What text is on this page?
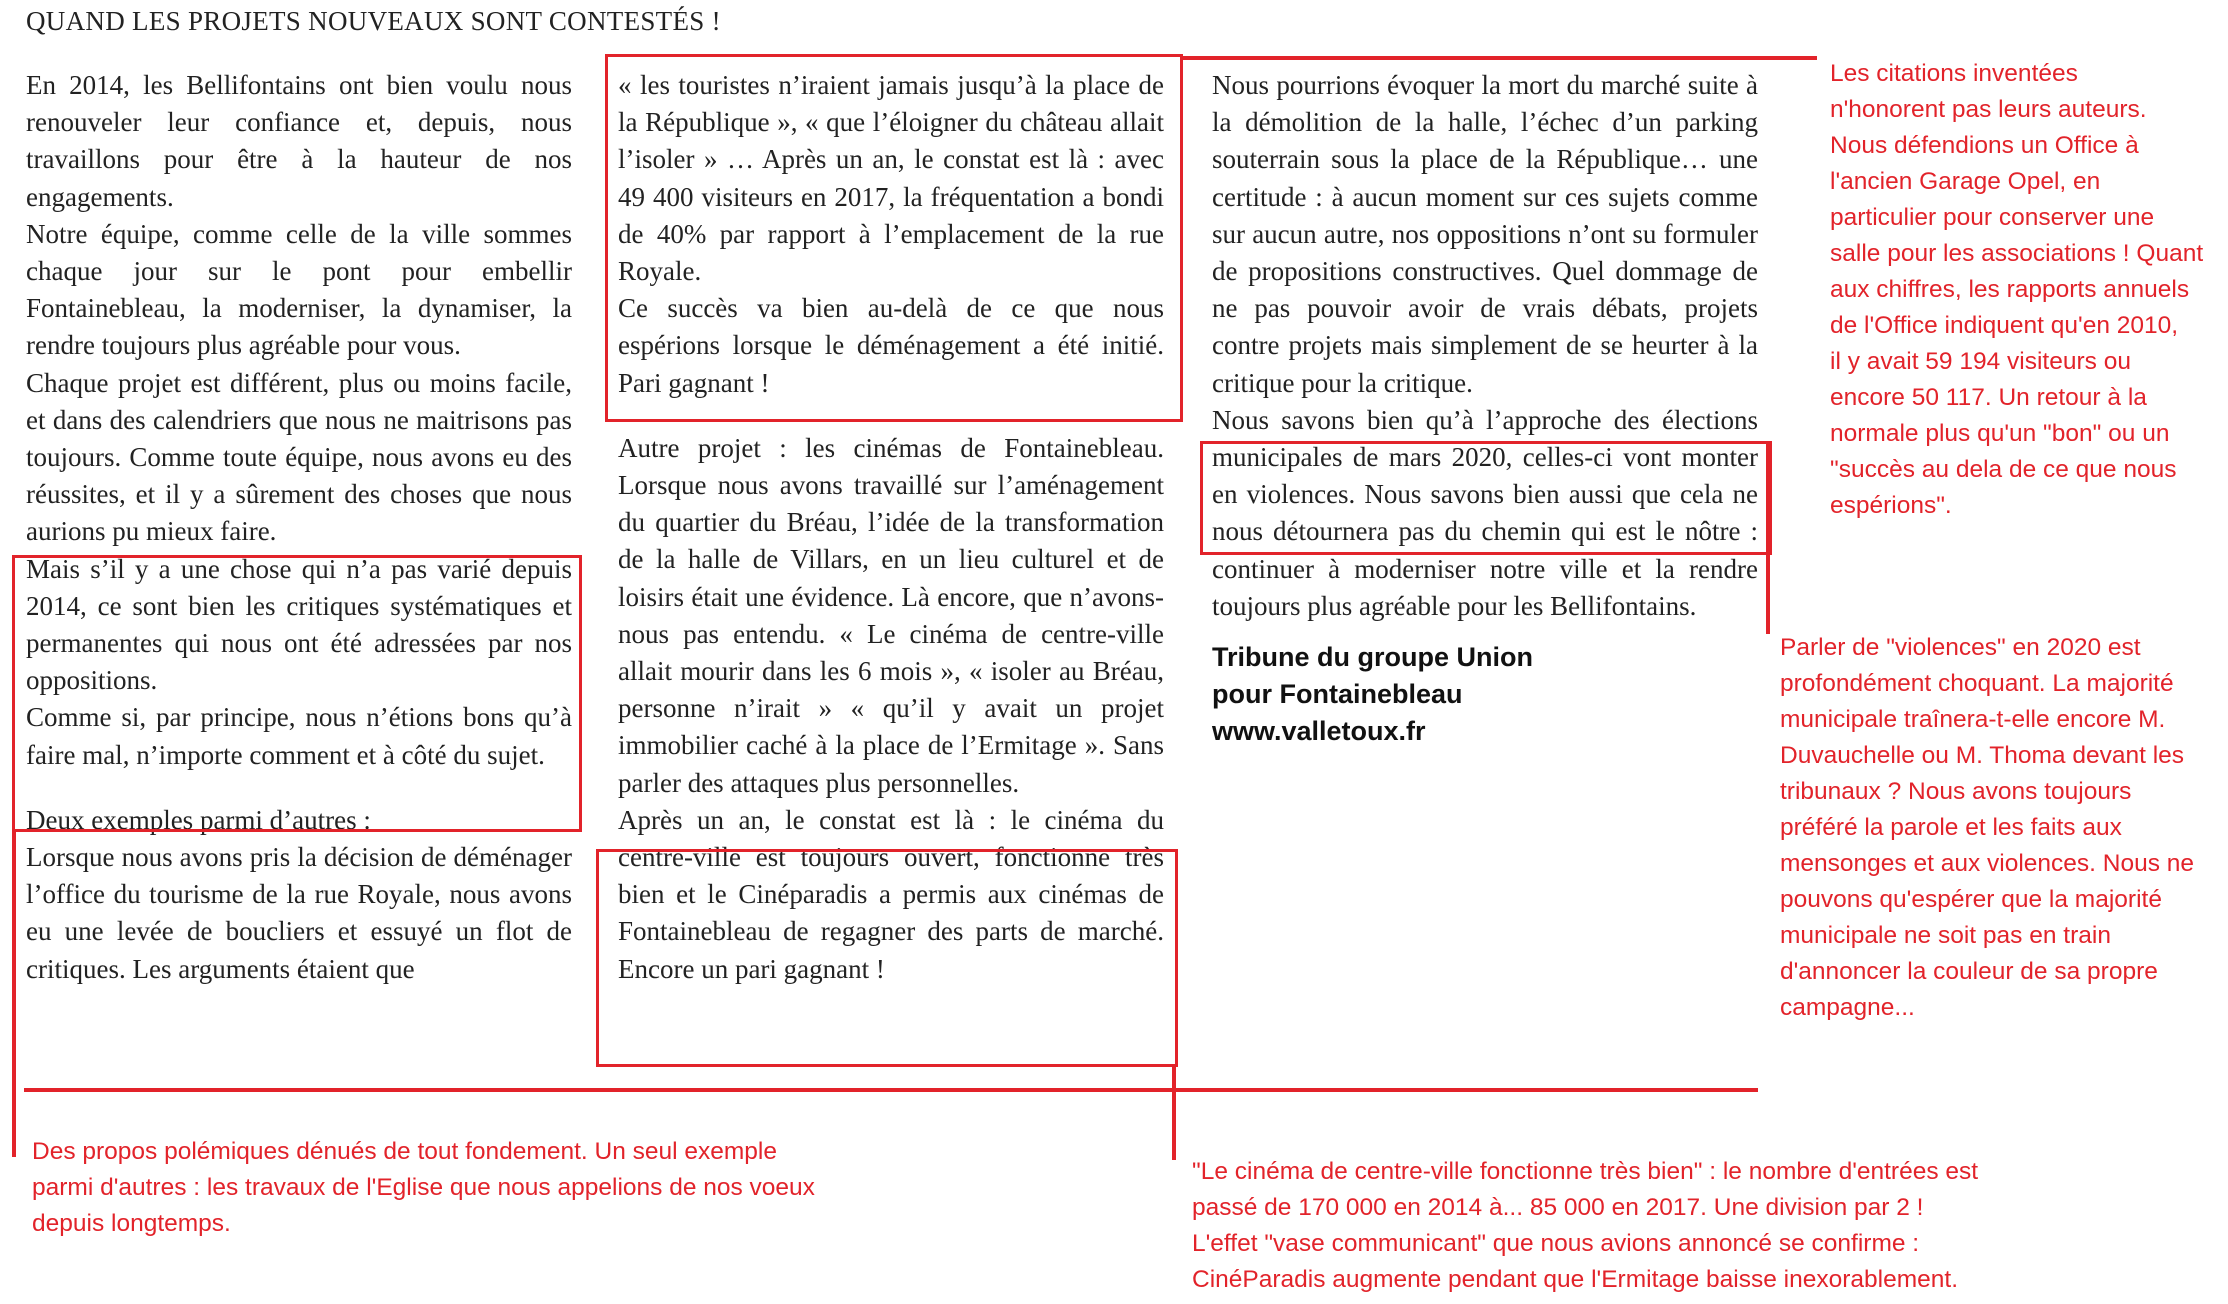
QUAND LES PROJETS NOUVEAUX SONT CONTESTÉS !

En 2014, les Bellifontains ont bien voulu nous renouveler leur confiance et, depuis, nous travaillons pour être à la hauteur de nos engagements.

Notre équipe, comme celle de la ville sommes chaque jour sur le pont pour embellir Fontainebleau, la moderniser, la dynamiser, la rendre toujours plus agréable pour vous.

Chaque projet est différent, plus ou moins facile, et dans des calendriers que nous ne maitrisons pas toujours. Comme toute équipe, nous avons eu des réussites, et il y a sûrement des choses que nous aurions pu mieux faire.

Mais s’il y a une chose qui n’a pas varié depuis 2014, ce sont bien les critiques systématiques et permanentes qui nous ont été adressées par nos oppositions.

Comme si, par principe, nous n’étions bons qu’à faire mal, n’importe comment et à côté du sujet.

Deux exemples parmi d’autres :

Lorsque nous avons pris la décision de déménager l’office du tourisme de la rue Royale, nous avons eu une levée de boucliers et essuyé un flot de critiques. Les arguments étaient que

« les touristes n’iraient jamais jusqu’à la place de la République », « que l’éloigner du château allait l’isoler » … Après un an, le constat est là : avec 49 400 visiteurs en 2017, la fréquentation a bondi de 40% par rapport à l’emplacement de la rue Royale.

Ce succès va bien au-delà de ce que nous espérions lorsque le déménagement a été initié. Pari gagnant !

Autre projet : les cinémas de Fontainebleau. Lorsque nous avons travaillé sur l’aménagement du quartier du Bréau, l’idée de la transformation de la halle de Villars, en un lieu culturel et de loisirs était une évidence. Là encore, que n’avons-nous pas entendu. « Le cinéma de centre-ville allait mourir dans les 6 mois », « isoler au Bréau, personne n’irait » « qu’il y avait un projet immobilier caché à la place de l’Ermitage ». Sans parler des attaques plus personnelles.

Après un an, le constat est là : le cinéma du centre-ville est toujours ouvert, fonctionne très bien et le Cinéparadis a permis aux cinémas de Fontainebleau de regagner des parts de marché. Encore un pari gagnant !

Nous pourrions évoquer la mort du marché suite à la démolition de la halle, l’échec d’un parking souterrain sous la place de la République… une certitude : à aucun moment sur ces sujets comme sur aucun autre, nos oppositions n’ont su formuler de propositions constructives. Quel dommage de ne pas pouvoir avoir de vrais débats, projets contre projets mais simplement de se heurter à la critique pour la critique.

Nous savons bien qu’à l’approche des élections municipales de mars 2020, celles-ci vont monter en violences. Nous savons bien aussi que cela ne nous détournera pas du chemin qui est le nôtre : continuer à moderniser notre ville et la rendre toujours plus agréable pour les Bellifontains.

Tribune du groupe Union
pour Fontainebleau
www.valletoux.fr
Les citations inventées
n'honorent pas leurs auteurs.
Nous défendions un Office à
l'ancien Garage Opel, en
particulier pour conserver une
salle pour les associations ! Quant
aux chiffres, les rapports annuels
de l'Office indiquent qu'en 2010,
il y avait 59 194 visiteurs ou
encore 50 117. Un retour à la
normale plus qu'un "bon" ou un
"succès au dela de ce que nous
espérions".
Parler de "violences" en 2020 est
profondément choquant. La majorité
municipale traînera-t-elle encore M.
Duvauchelle ou M. Thoma devant les
tribunaux ? Nous avons toujours
préféré la parole et les faits aux
mensonges et aux violences. Nous ne
pouvons qu'espérer que la majorité
municipale ne soit pas en train
d'annoncer la couleur de sa propre
campagne...
Des propos polémiques dénués de tout fondement. Un seul exemple
parmi d'autres : les travaux de l'Eglise que nous appelions de nos voeux
depuis longtemps.
"Le cinéma de centre-ville fonctionne très bien" : le nombre d'entrées est
passé de 170 000 en 2014 à... 85 000 en 2017. Une division par 2 !
L'effet "vase communicant" que nous avions annoncé se confirme :
CinéParadis augmente pendant que l'Ermitage baisse inexorablement.
